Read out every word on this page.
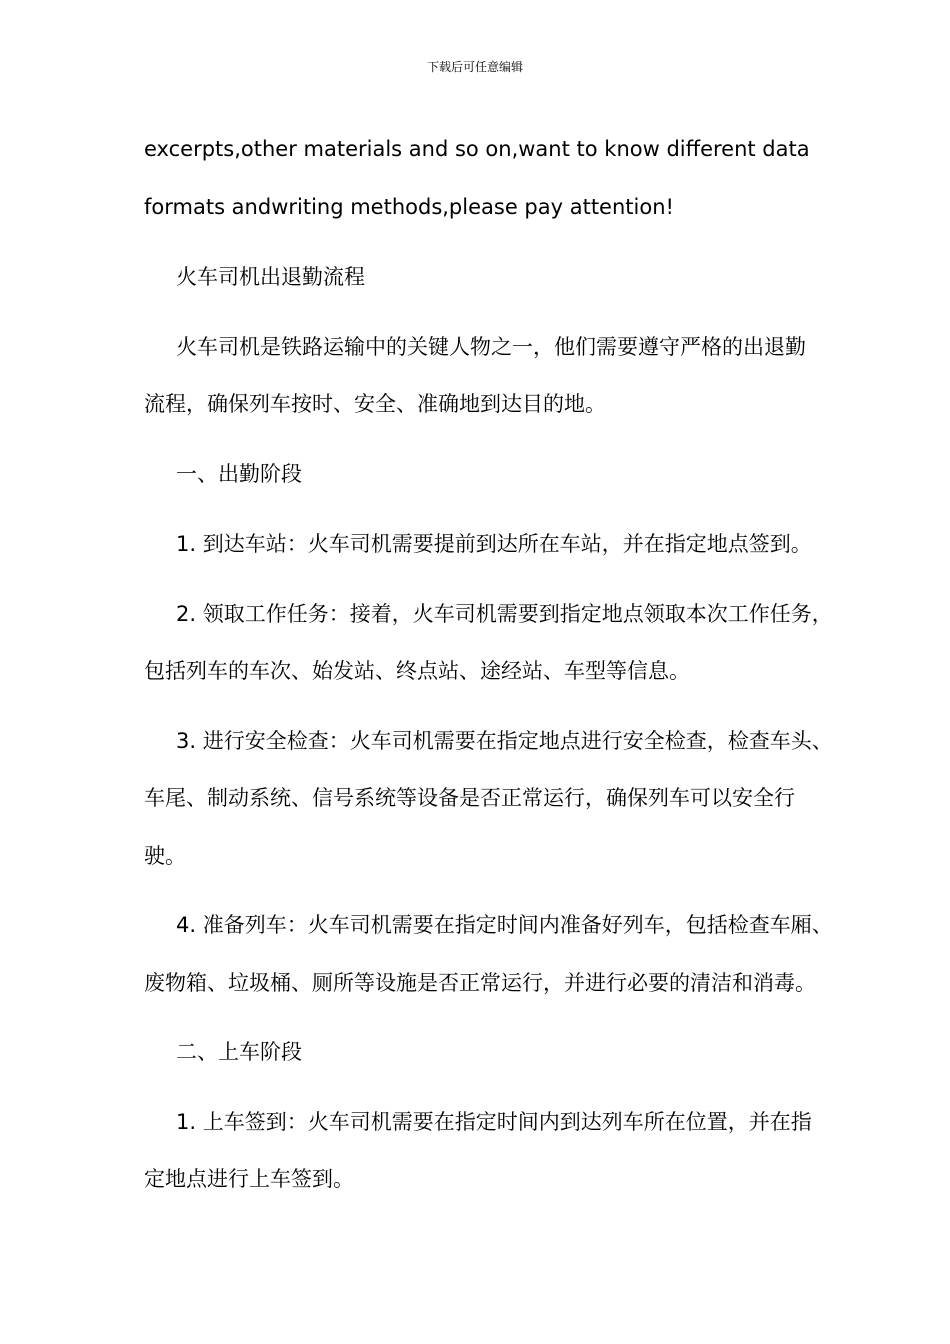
下载后可任意编辑
excerpts,other materials and so on,want to know different data
formats andwriting methods,please pay attention!
火车司机出退勤流程
火车司机是铁路运输中的关键人物之一，他们需要遵守严格的出退勤
流程，确保列车按时、安全、准确地到达目的地。
一、出勤阶段
1. 到达车站：火车司机需要提前到达所在车站，并在指定地点签到。
2. 领取工作任务：接着，火车司机需要到指定地点领取本次工作任务，
包括列车的车次、始发站、终点站、途经站、车型等信息。
3. 进行安全检查：火车司机需要在指定地点进行安全检查，检查车头、
车尾、制动系统、信号系统等设备是否正常运行，确保列车可以安全行
驶。
4. 准备列车：火车司机需要在指定时间内准备好列车，包括检查车厢、
废物箱、垃圾桶、厕所等设施是否正常运行，并进行必要的清洁和消毒。
二、上车阶段
1. 上车签到：火车司机需要在指定时间内到达列车所在位置，并在指
定地点进行上车签到。
